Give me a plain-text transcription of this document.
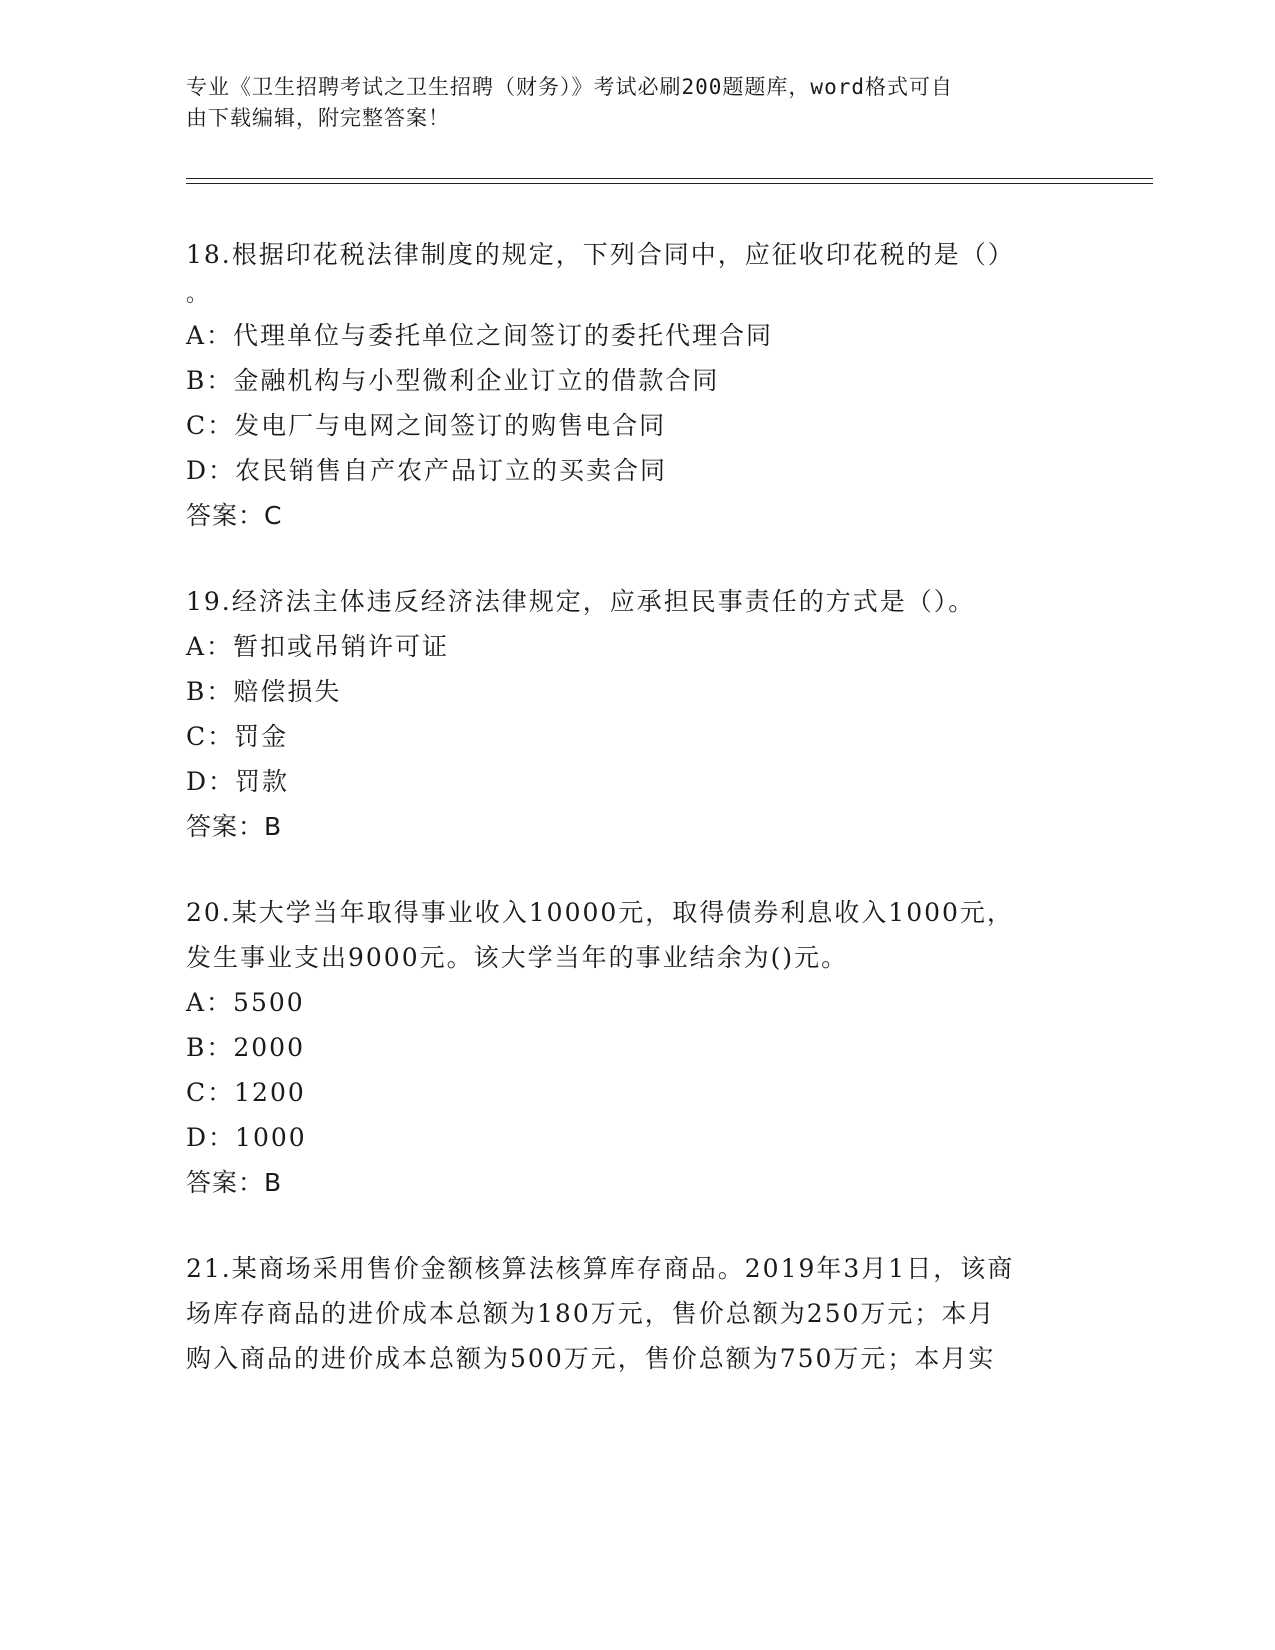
专业《卫生招聘考试之卫生招聘（财务）》考试必刷200题题库，word格式可自
由下载编辑，附完整答案！

18.根据印花税法律制度的规定，下列合同中，应征收印花税的是（）
。

A：代理单位与委托单位之间签订的委托代理合同

B：金融机构与小型微利企业订立的借款合同

C：发电厂与电网之间签订的购售电合同

D：农民销售自产农产品订立的买卖合同

答案：C

19.经济法主体违反经济法律规定，应承担民事责任的方式是（）。

A：暂扣或吊销许可证

B：赔偿损失

C：罚金

D：罚款

答案：B

20.某大学当年取得事业收入10000元，取得债券利息收入1000元，

发生事业支出9000元。该大学当年的事业结余为()元。

A：5500

B：2000

C：1200

D：1000

答案：B

21.某商场采用售价金额核算法核算库存商品。2019年3月1日，该商

场库存商品的进价成本总额为180万元，售价总额为250万元；本月

购入商品的进价成本总额为500万元，售价总额为750万元；本月实
